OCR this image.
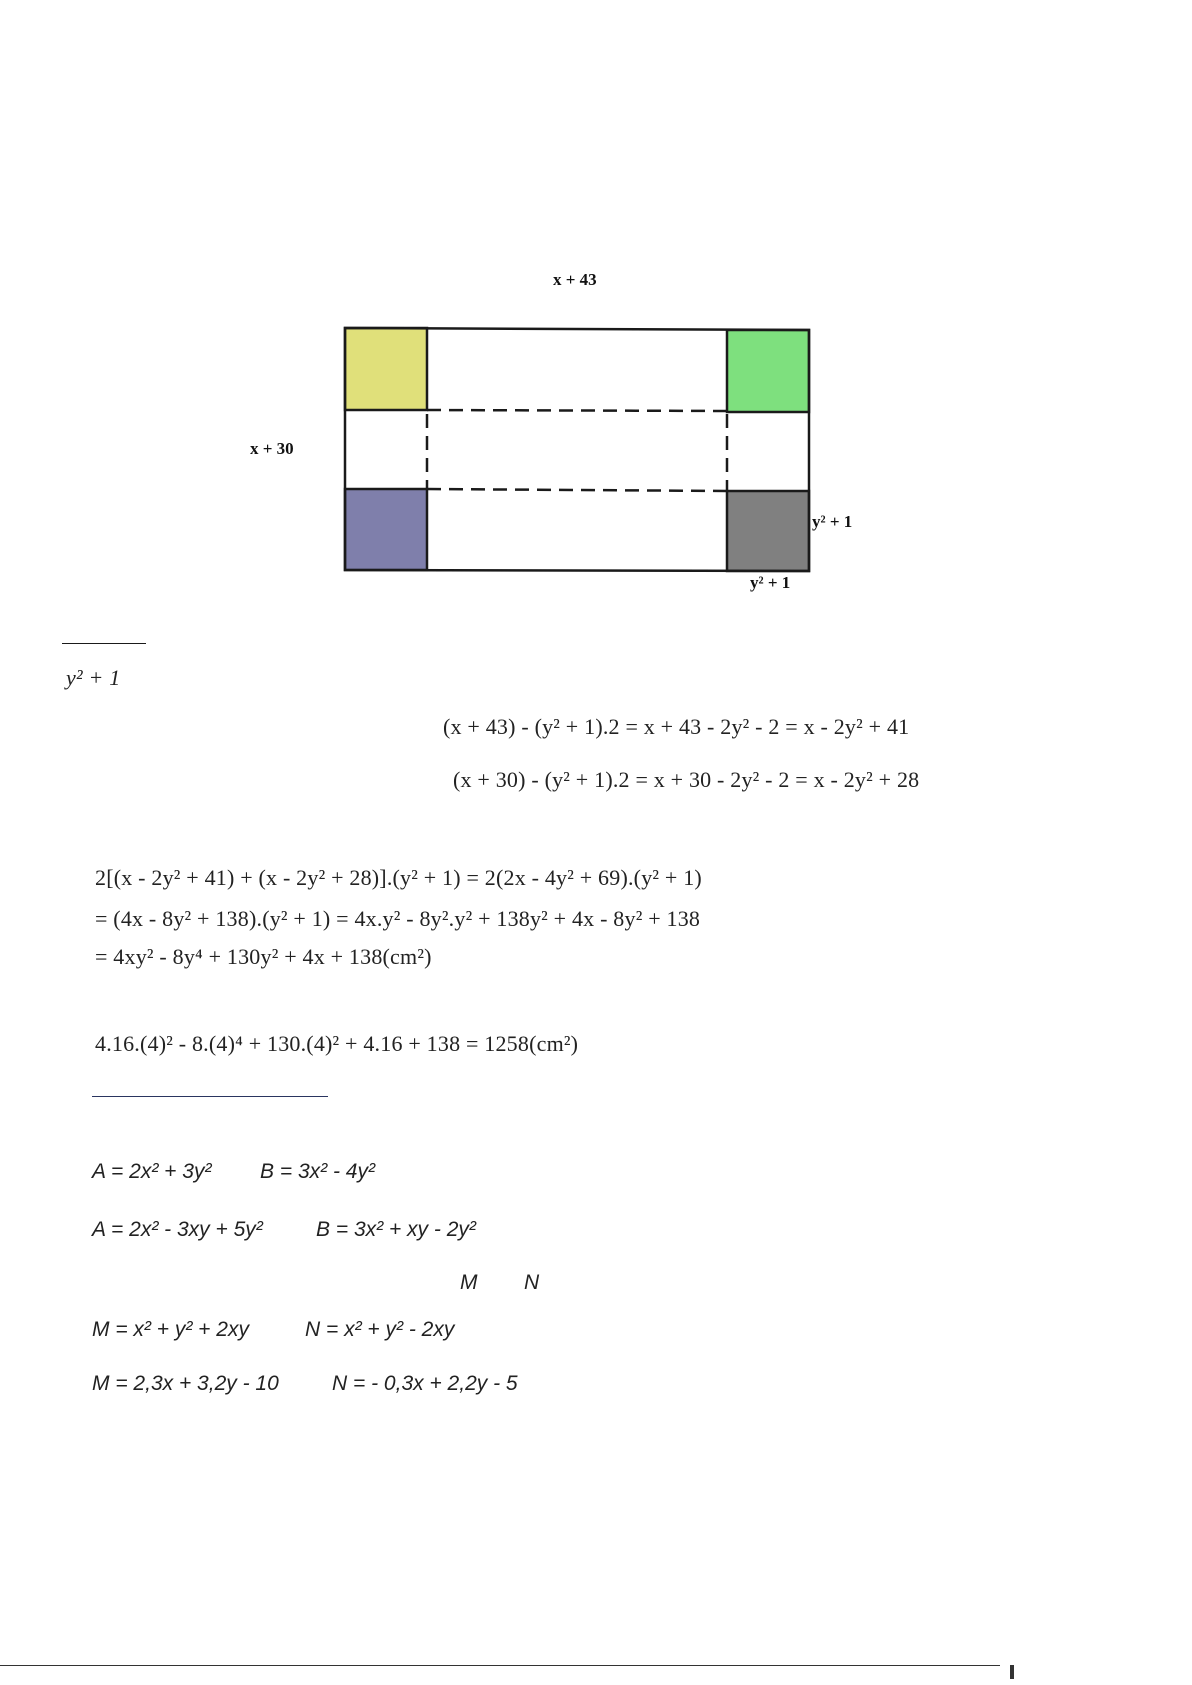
x + 43
x + 30
y² + 1
y² + 1
y² + 1
(x + 43) - (y² + 1).2 = x + 43 - 2y² - 2 = x - 2y² + 41
(x + 30) - (y² + 1).2 = x + 30 - 2y² - 2 = x - 2y² + 28
2[(x - 2y² + 41) + (x - 2y² + 28)].(y² + 1) = 2(2x - 4y² + 69).(y² + 1)
= (4x - 8y² + 138).(y² + 1) = 4x.y² - 8y².y² + 138y² + 4x - 8y² + 138
= 4xy² - 8y⁴ + 130y² + 4x + 138(cm²)
4.16.(4)² - 8.(4)⁴ + 130.(4)² + 4.16 + 138 = 1258(cm²)
A = 2x² + 3y² B = 3x² - 4y²
A = 2x² - 3xy + 5y²	B = 3x² + xy - 2y²
M N
M = x² + y² + 2xy	N = x² + y² - 2xy
M = 2,3x + 3,2y - 10	N = - 0,3x + 2,2y - 5
